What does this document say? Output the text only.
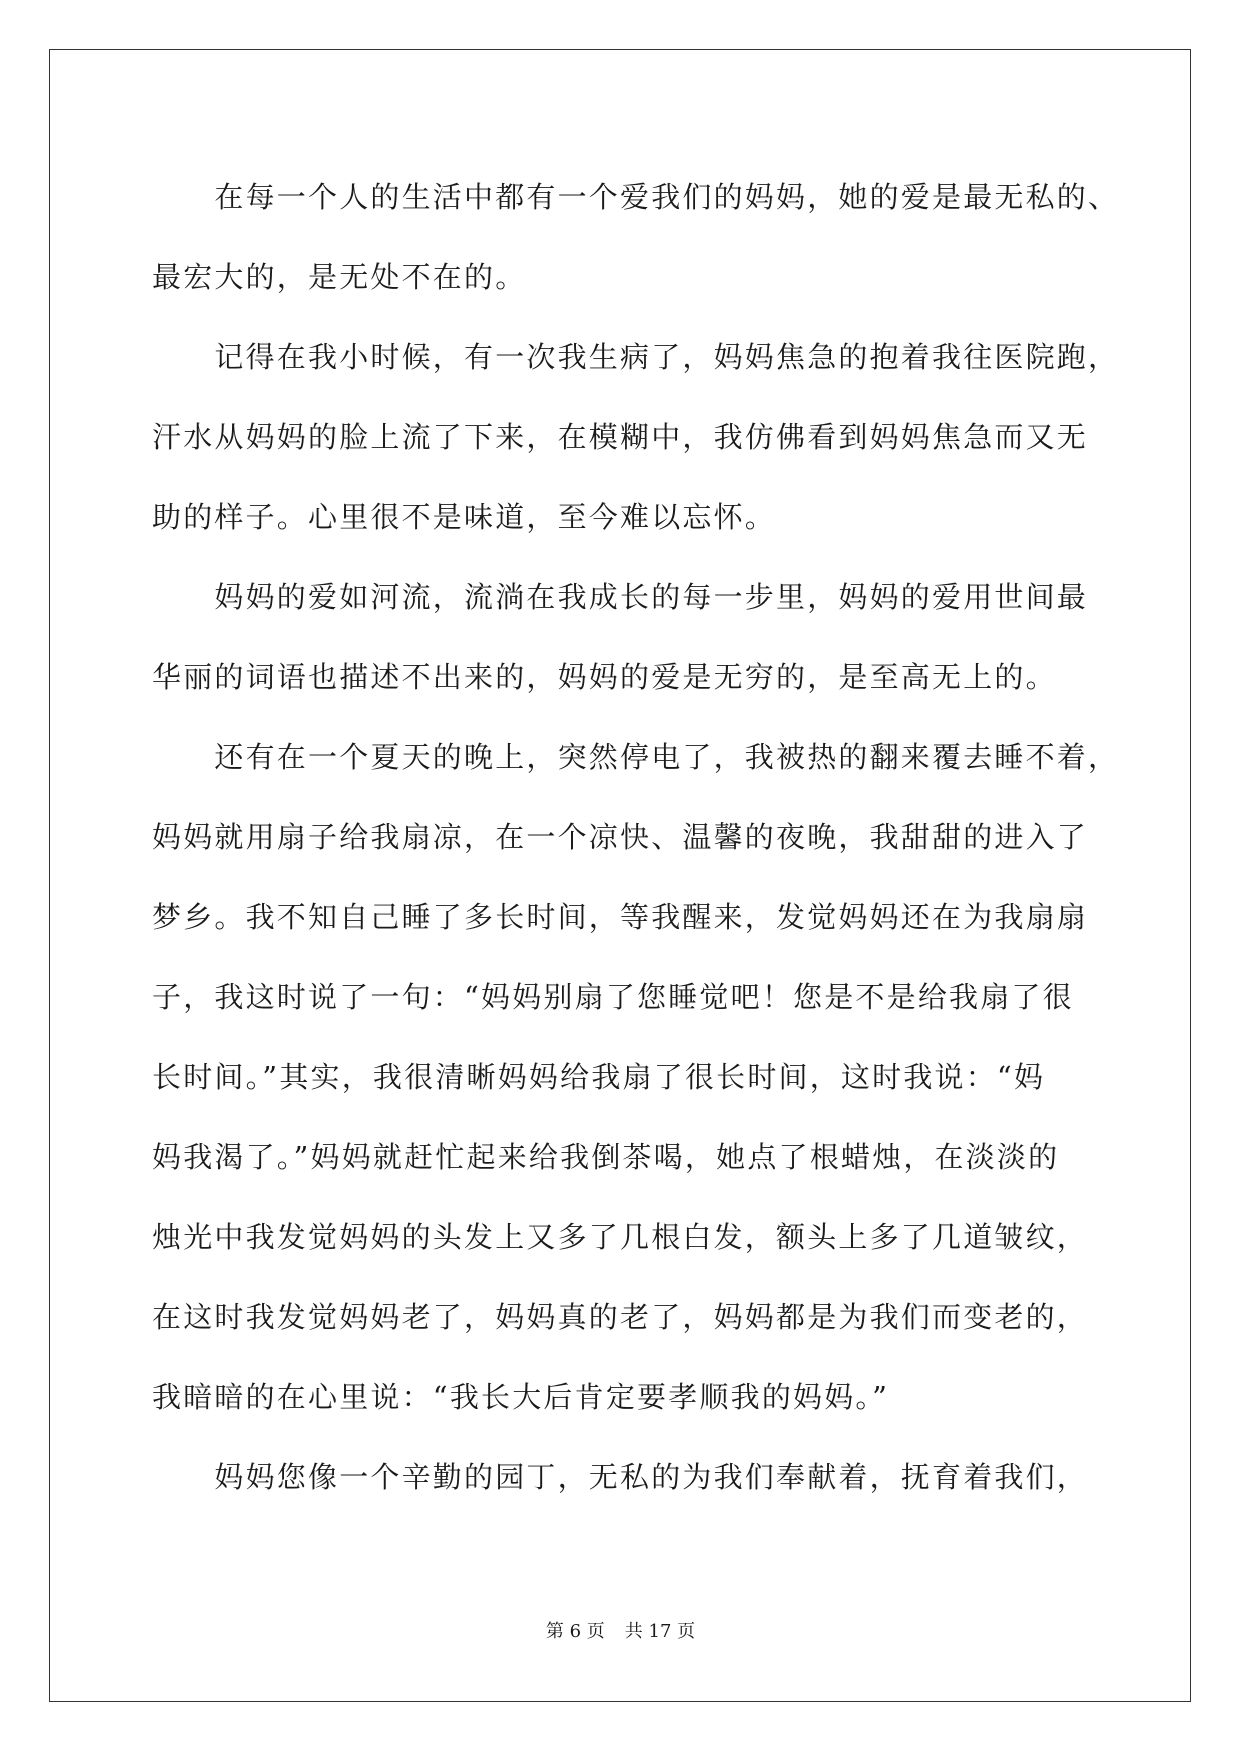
　　在每一个人的生活中都有一个爱我们的妈妈，她的爱是最无私的、
最宏大的，是无处不在的。
　　记得在我小时候，有一次我生病了，妈妈焦急的抱着我往医院跑，
汗水从妈妈的脸上流了下来，在模糊中，我仿佛看到妈妈焦急而又无
助的样子。心里很不是味道，至今难以忘怀。
　　妈妈的爱如河流，流淌在我成长的每一步里，妈妈的爱用世间最
华丽的词语也描述不出来的，妈妈的爱是无穷的，是至高无上的。
　　还有在一个夏天的晚上，突然停电了，我被热的翻来覆去睡不着，
妈妈就用扇子给我扇凉，在一个凉快、温馨的夜晚，我甜甜的进入了
梦乡。我不知自己睡了多长时间，等我醒来，发觉妈妈还在为我扇扇
子，我这时说了一句：“妈妈别扇了您睡觉吧！您是不是给我扇了很
长时间。”其实，我很清晰妈妈给我扇了很长时间，这时我说：“妈
妈我渴了。”妈妈就赶忙起来给我倒茶喝，她点了根蜡烛，在淡淡的
烛光中我发觉妈妈的头发上又多了几根白发，额头上多了几道皱纹，
在这时我发觉妈妈老了，妈妈真的老了，妈妈都是为我们而变老的，
我暗暗的在心里说：“我长大后肯定要孝顺我的妈妈。”
　　妈妈您像一个辛勤的园丁，无私的为我们奉献着，抚育着我们，
第 6 页 共 17 页
